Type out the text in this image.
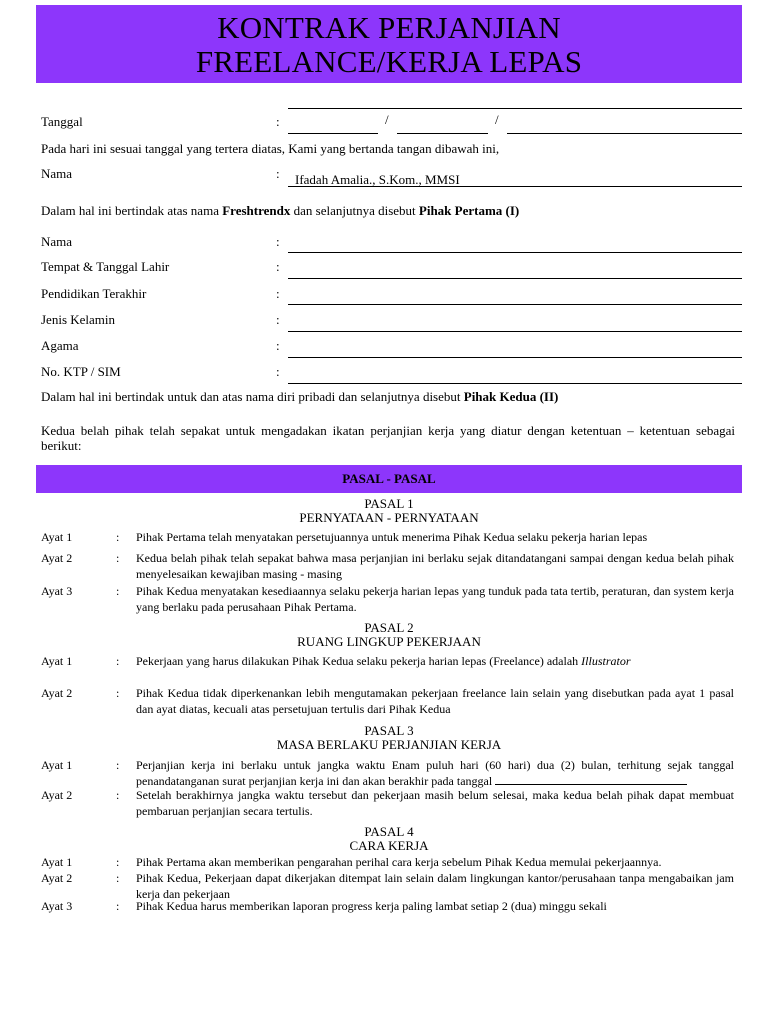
KONTRAK PERJANJIAN
FREELANCE/KERJA LEPAS
Tanggal	:	/	/
Pada hari ini sesuai tanggal yang tertera diatas, Kami yang bertanda tangan dibawah ini,
Nama	: Ifadah Amalia., S.Kom., MMSI
Dalam hal ini bertindak atas nama Freshtrendx dan selanjutnya disebut Pihak Pertama (I)
Nama	:
Tempat & Tanggal Lahir	:
Pendidikan Terakhir	:
Jenis Kelamin	:
Agama	:
No. KTP / SIM	:
Dalam hal ini bertindak untuk dan atas nama diri pribadi dan selanjutnya disebut Pihak Kedua (II)
Kedua belah pihak telah sepakat untuk mengadakan ikatan perjanjian kerja yang diatur dengan ketentuan – ketentuan sebagai berikut:
PASAL - PASAL
PASAL 1
PERNYATAAN - PERNYATAAN
Ayat 1	: Pihak Pertama telah menyatakan persetujuannya untuk menerima Pihak Kedua selaku pekerja harian lepas
Ayat 2	: Kedua belah pihak telah sepakat bahwa masa perjanjian ini berlaku sejak ditandatangani sampai dengan kedua belah pihak menyelesaikan kewajiban masing - masing
Ayat 3	: Pihak Kedua menyatakan kesediaannya selaku pekerja harian lepas yang tunduk pada tata tertib, peraturan, dan system kerja yang berlaku pada perusahaan Pihak Pertama.
PASAL 2
RUANG LINGKUP PEKERJAAN
Ayat 1	: Pekerjaan yang harus dilakukan Pihak Kedua selaku pekerja harian lepas (Freelance) adalah Illustrator
Ayat 2	: Pihak Kedua tidak diperkenankan lebih mengutamakan pekerjaan freelance lain selain yang disebutkan pada ayat 1 pasal dan ayat diatas, kecuali atas persetujuan tertulis dari Pihak Kedua
PASAL 3
MASA BERLAKU PERJANJIAN KERJA
Ayat 1	: Perjanjian kerja ini berlaku untuk jangka waktu Enam puluh hari (60 hari) dua (2) bulan, terhitung sejak tanggal penandatanganan surat perjanjian kerja ini dan akan berakhir pada tanggal
Ayat 2	: Setelah berakhirnya jangka waktu tersebut dan pekerjaan masih belum selesai, maka kedua belah pihak dapat membuat pembaruan perjanjian secara tertulis.
PASAL 4
CARA KERJA
Ayat 1	: Pihak Pertama akan memberikan pengarahan perihal cara kerja sebelum Pihak Kedua memulai pekerjaannya.
Ayat 2	: Pihak Kedua, Pekerjaan dapat dikerjakan ditempat lain selain dalam lingkungan kantor/perusahaan tanpa mengabaikan jam kerja dan pekerjaan
Ayat 3	: Pihak Kedua harus memberikan laporan progress kerja paling lambat setiap 2 (dua) minggu sekali
